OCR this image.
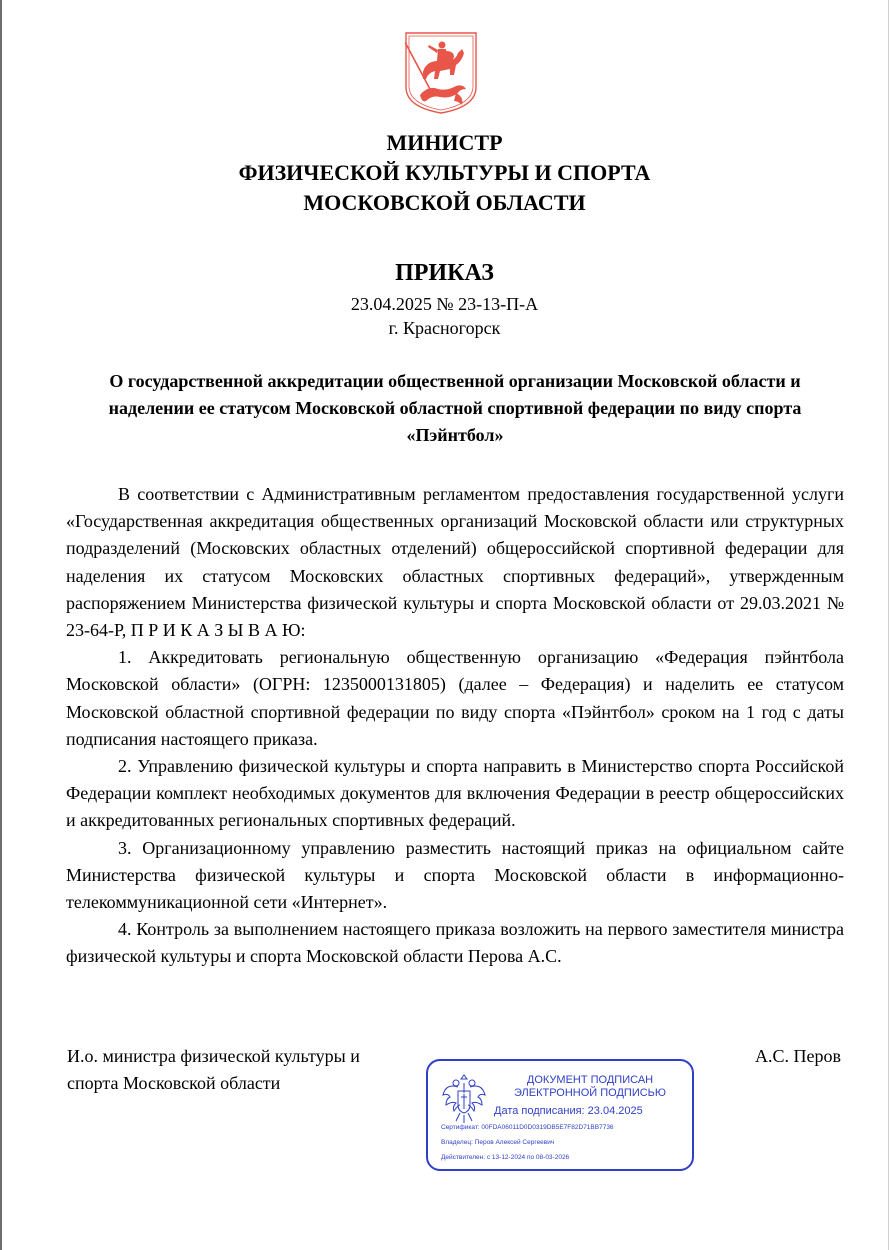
МИНИСТР
ФИЗИЧЕСКОЙ КУЛЬТУРЫ И СПОРТА
МОСКОВСКОЙ ОБЛАСТИ
ПРИКАЗ
23.04.2025 № 23-13-П-А
г. Красногорск
О государственной аккредитации общественной организации Московской области и наделении ее статусом Московской областной спортивной федерации по виду спорта «Пэйнтбол»

В соответствии с Административным регламентом предоставления государственной услуги «Государственная аккредитация общественных организаций Московской области или структурных подразделений (Московских областных отделений) общероссийской спортивной федерации для наделения их статусом Московских областных спортивных федераций», утвержденным распоряжением Министерства физической культуры и спорта Московской области от 29.03.2021 № 23-64-Р, П Р И К А З Ы В А Ю:

1. Аккредитовать региональную общественную организацию «Федерация пэйнтбола Московской области» (ОГРН: 1235000131805) (далее – Федерация) и наделить ее статусом Московской областной спортивной федерации по виду спорта «Пэйнтбол» сроком на 1 год с даты подписания настоящего приказа.

2. Управлению физической культуры и спорта направить в Министерство спорта Российской Федерации комплект необходимых документов для включения Федерации в реестр общероссийских и аккредитованных региональных спортивных федераций.

3. Организационному управлению разместить настоящий приказ на официальном сайте Министерства физической культуры и спорта Московской области в информационно-телекоммуникационной сети «Интернет».

4. Контроль за выполнением настоящего приказа возложить на первого заместителя министра физической культуры и спорта Московской области Перова А.С.

И.о. министра физической культуры и
спорта Московской области
А.С. Перов
ДОКУМЕНТ ПОДПИСАН
ЭЛЕКТРОННОЙ ПОДПИСЬЮ
Дата подписания: 23.04.2025
Сертификат: 00FDA06011D0D0319DB5E7F82D71BB7736
Владелец: Перов Алексей Сергеевич
Действителен: с 13-12-2024 по 08-03-2026
